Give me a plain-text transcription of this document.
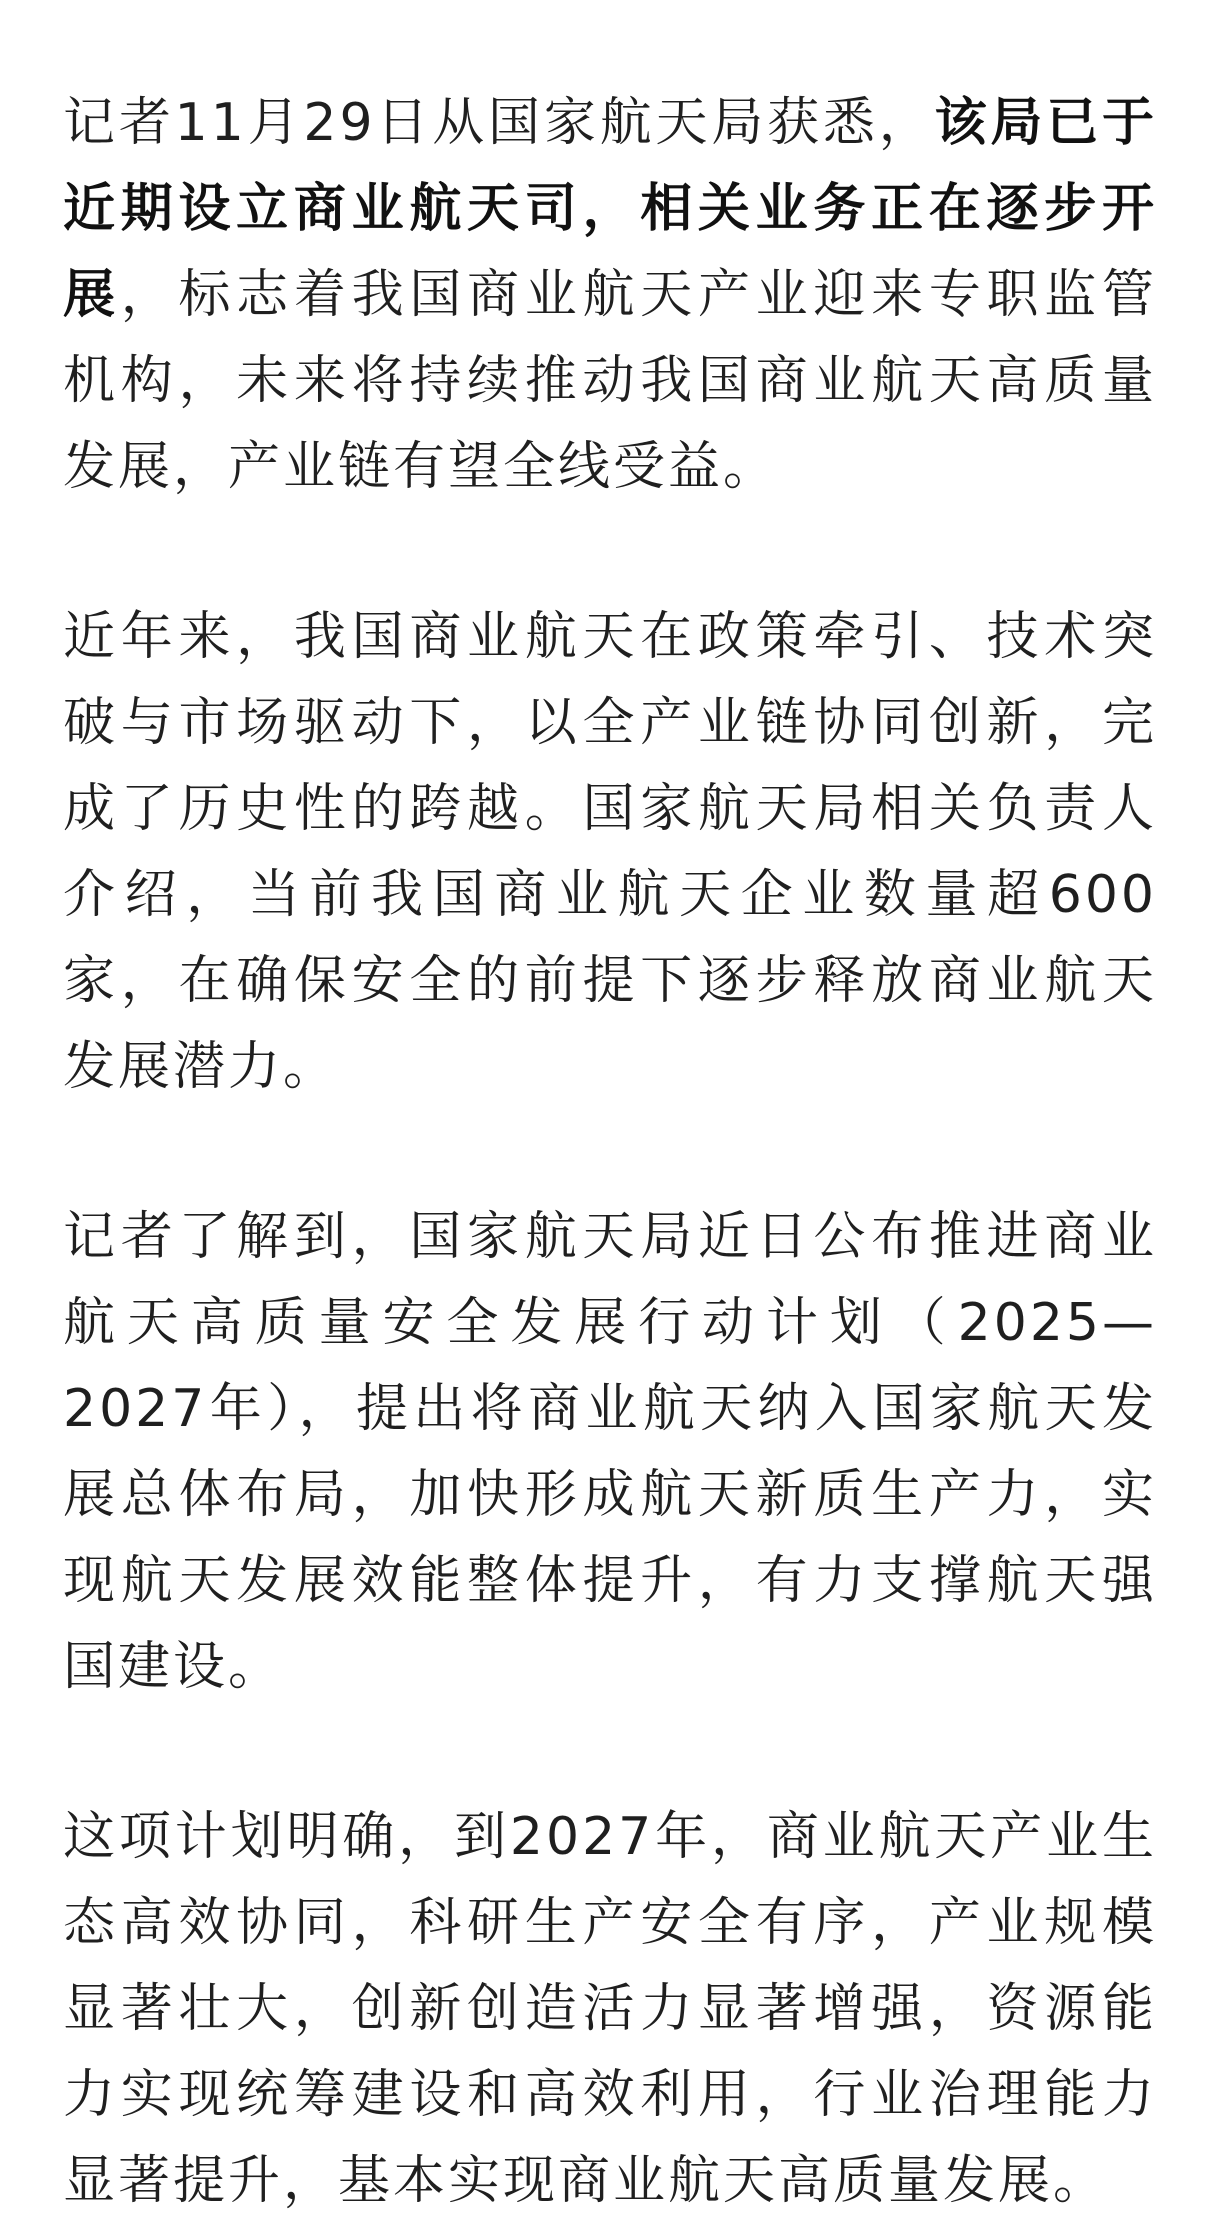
记者11月29日从国家航天局获悉，该局已于近期设立商业航天司，相关业务正在逐步开展，标志着我国商业航天产业迎来专职监管机构，未来将持续推动我国商业航天高质量发展，产业链有望全线受益。

近年来，我国商业航天在政策牵引、技术突破与市场驱动下，以全产业链协同创新，完成了历史性的跨越。国家航天局相关负责人介绍，当前我国商业航天企业数量超600家，在确保安全的前提下逐步释放商业航天发展潜力。

记者了解到，国家航天局近日公布推进商业航天高质量安全发展行动计划（2025—2027年），提出将商业航天纳入国家航天发展总体布局，加快形成航天新质生产力，实现航天发展效能整体提升，有力支撑航天强国建设。

这项计划明确，到2027年，商业航天产业生态高效协同，科研生产安全有序，产业规模显著壮大，创新创造活力显著增强，资源能力实现统筹建设和高效利用，行业治理能力显著提升，基本实现商业航天高质量发展。
